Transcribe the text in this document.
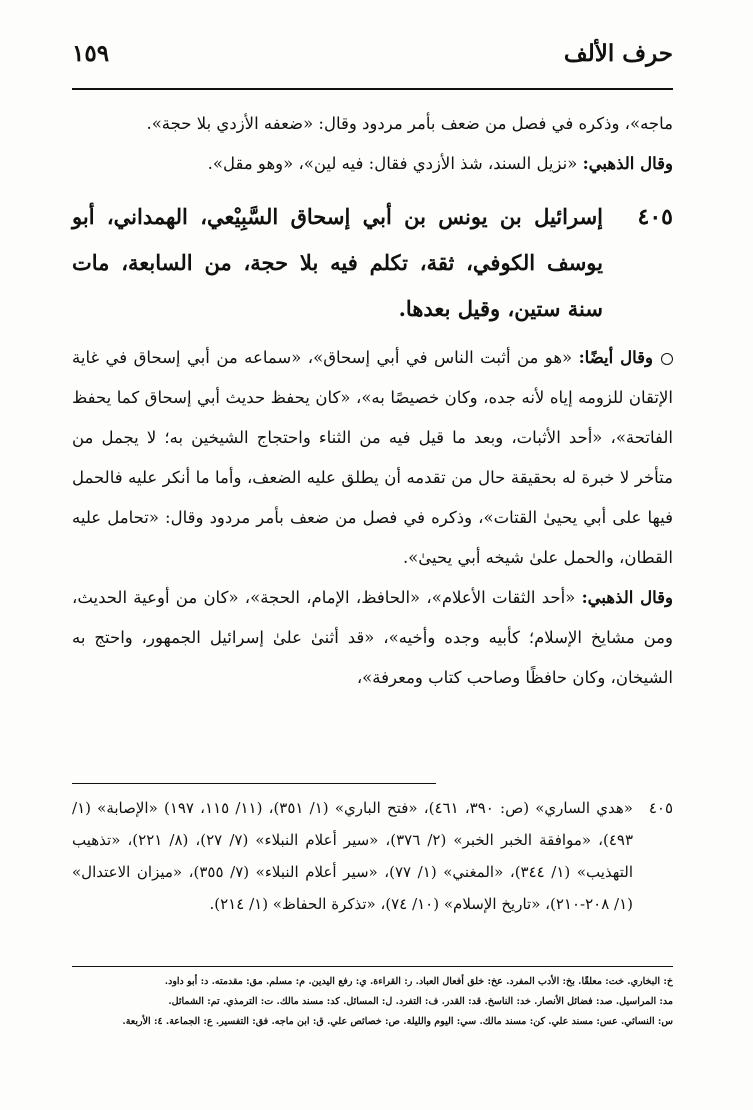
حرف الألف
١٥٩

ماجه»، وذكره في فصل من ضعف بأمر مردود وقال: «ضعفه الأزدي بلا حجة».

وقال الذهبي: «نزيل السند، شذ الأزدي فقال: فيه لين»، «وهو مقل».

٤٠٥
إسرائيل بن يونس بن أبي إسحاق السَّبِيْعي، الهمداني، أبو يوسف الكوفي، ثقة، تكلم فيه بلا حجة، من السابعة، مات سنة ستين، وقيل بعدها.

وقال أيضًا: «هو من أثبت الناس في أبي إسحاق»، «سماعه من أبي إسحاق في غاية الإتقان للزومه إياه لأنه جده، وكان خصيصًا به»، «كان يحفظ حديث أبي إسحاق كما يحفظ الفاتحة»، «أحد الأثبات، وبعد ما قيل فيه من الثناء واحتجاج الشيخين به؛ لا يجمل من متأخر لا خبرة له بحقيقة حال من تقدمه أن يطلق عليه الضعف، وأما ما أنكر عليه فالحمل فيها على أبي يحيىٰ القتات»، وذكره في فصل من ضعف بأمر مردود وقال: «تحامل عليه القطان، والحمل علىٰ شيخه أبي يحيىٰ».

وقال الذهبي: «أحد الثقات الأعلام»، «الحافظ، الإمام، الحجة»، «كان من أوعية الحديث، ومن مشايخ الإسلام؛ كأبيه وجده وأخيه»، «قد أثنىٰ علىٰ إسرائيل الجمهور، واحتج به الشيخان، وكان حافظًا وصاحب كتاب ومعرفة»،

٤٠٥
«هدي الساري» (ص: ٣٩٠، ٤٦١)، «فتح الباري» (١/ ٣٥١)، (١١/ ١١٥، ١٩٧) «الإصابة» (١/ ٤٩٣)، «موافقة الخبر الخبر» (٢/ ٣٧٦)، «سير أعلام النبلاء» (٧/ ٢٧)، (٨/ ٢٢١)، «تذهيب التهذيب» (١/ ٣٤٤)، «المغني» (١/ ٧٧)، «سير أعلام النبلاء» (٧/ ٣٥٥)، «ميزان الاعتدال» (١/ ٢٠٨-٢١٠)، «تاريخ الإسلام» (١٠/ ٧٤)، «تذكرة الحفاظ» (١/ ٢١٤).
خ: البخاري. خت: معلقًا. بخ: الأدب المفرد. عخ: خلق أفعال العباد. ر: القراءة. ي: رفع اليدين. م: مسلم. مق: مقدمته. د: أبو داود.
مد: المراسيل. صد: فضائل الأنصار. خد: الناسخ. قد: القدر. ف: التفرد. ل: المسائل. كد: مسند مالك. ت: الترمذي. تم: الشمائل.
س: النسائي. عس: مسند علي. كن: مسند مالك. سي: اليوم والليلة. ص: خصائص علي. ق: ابن ماجه. فق: التفسير. ع: الجماعة. ٤: الأربعة.
